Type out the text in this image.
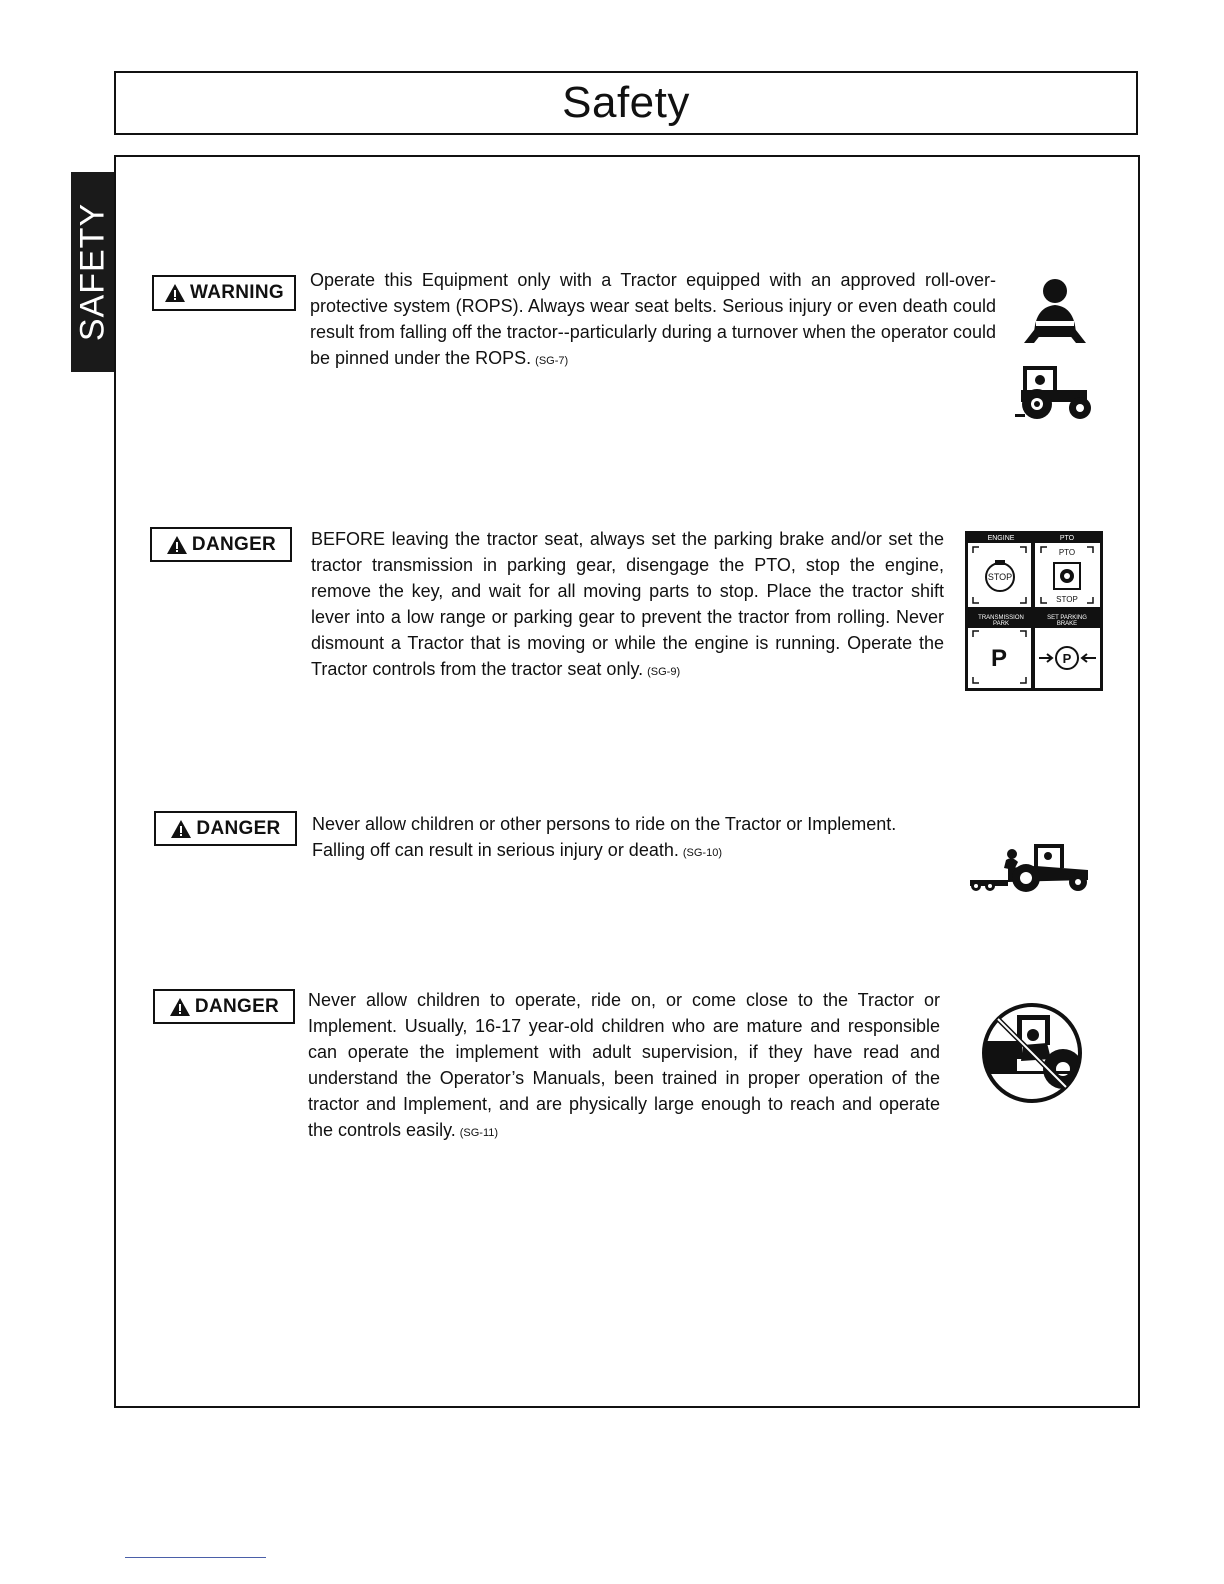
Safety
SAFETY	WARNING

Operate this Equipment only with a Tractor equipped with an approved roll-over-protective system (ROPS). Always wear seat belts. Serious injury or even death could result from falling off the tractor--particularly during a turnover when the operator could be pinned under the ROPS. (SG-7)

DANGER BEFORE leaving the tractor seat, always set the parking brake and/or set the tractor transmission in parking gear, disengage the PTO, stop the engine, remove the key, and wait for all moving parts to stop. Place the tractor shift lever into a low range or parking gear to prevent the tractor from rolling. Never dismount a Tractor that is moving or while the engine is running. Operate the Tractor controls from the tractor seat only. (SG-9)

ENGINE	PTO
STOP
PTO
STOP
TRANSMISSION
PARK
SET PARKING
BRAKE
P	P
DANGER Never allow children or other persons to ride on the Tractor or Implement. Falling off can result in serious injury or death. (SG-10)

DANGER Never allow children to operate, ride on, or come close to the Tractor or Implement. Usually, 16-17 year-old children who are mature and responsible can operate the implement with adult supervision, if they have read and understand the Operator’s Manuals, been trained in proper operation of the tractor and Implement, and are physically large enough to reach and operate the controls easily. (SG-11)
